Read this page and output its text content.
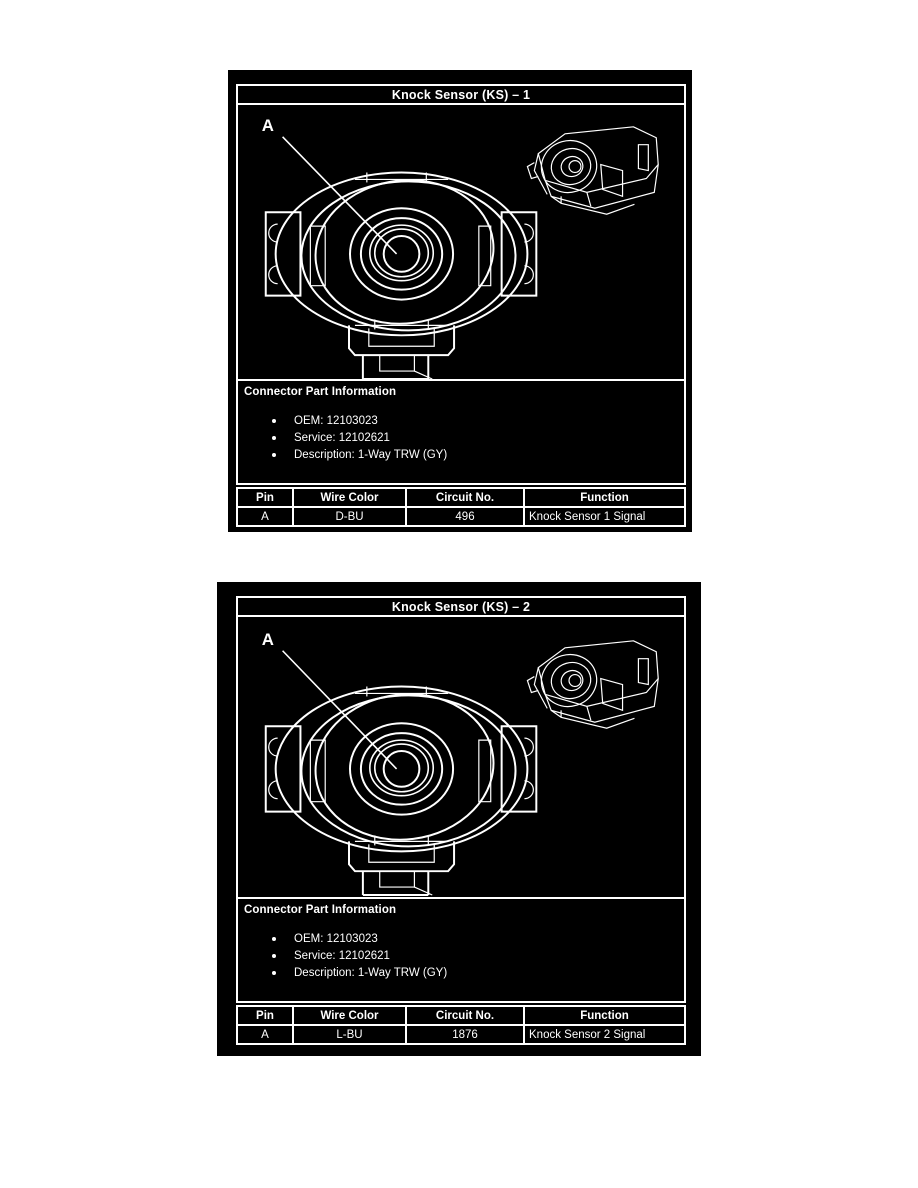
Knock Sensor (KS) – 1
A
Connector Part Information
OEM: 12103023
Service: 12102621
Description: 1-Way TRW (GY)
Pin	Wire Color	Circuit No.	Function
A	D-BU	496	Knock Sensor 1 Signal
Knock Sensor (KS) – 2
A
Connector Part Information
OEM: 12103023
Service: 12102621
Description: 1-Way TRW (GY)
Pin	Wire Color	Circuit No.	Function
A	L-BU	1876	Knock Sensor 2 Signal
